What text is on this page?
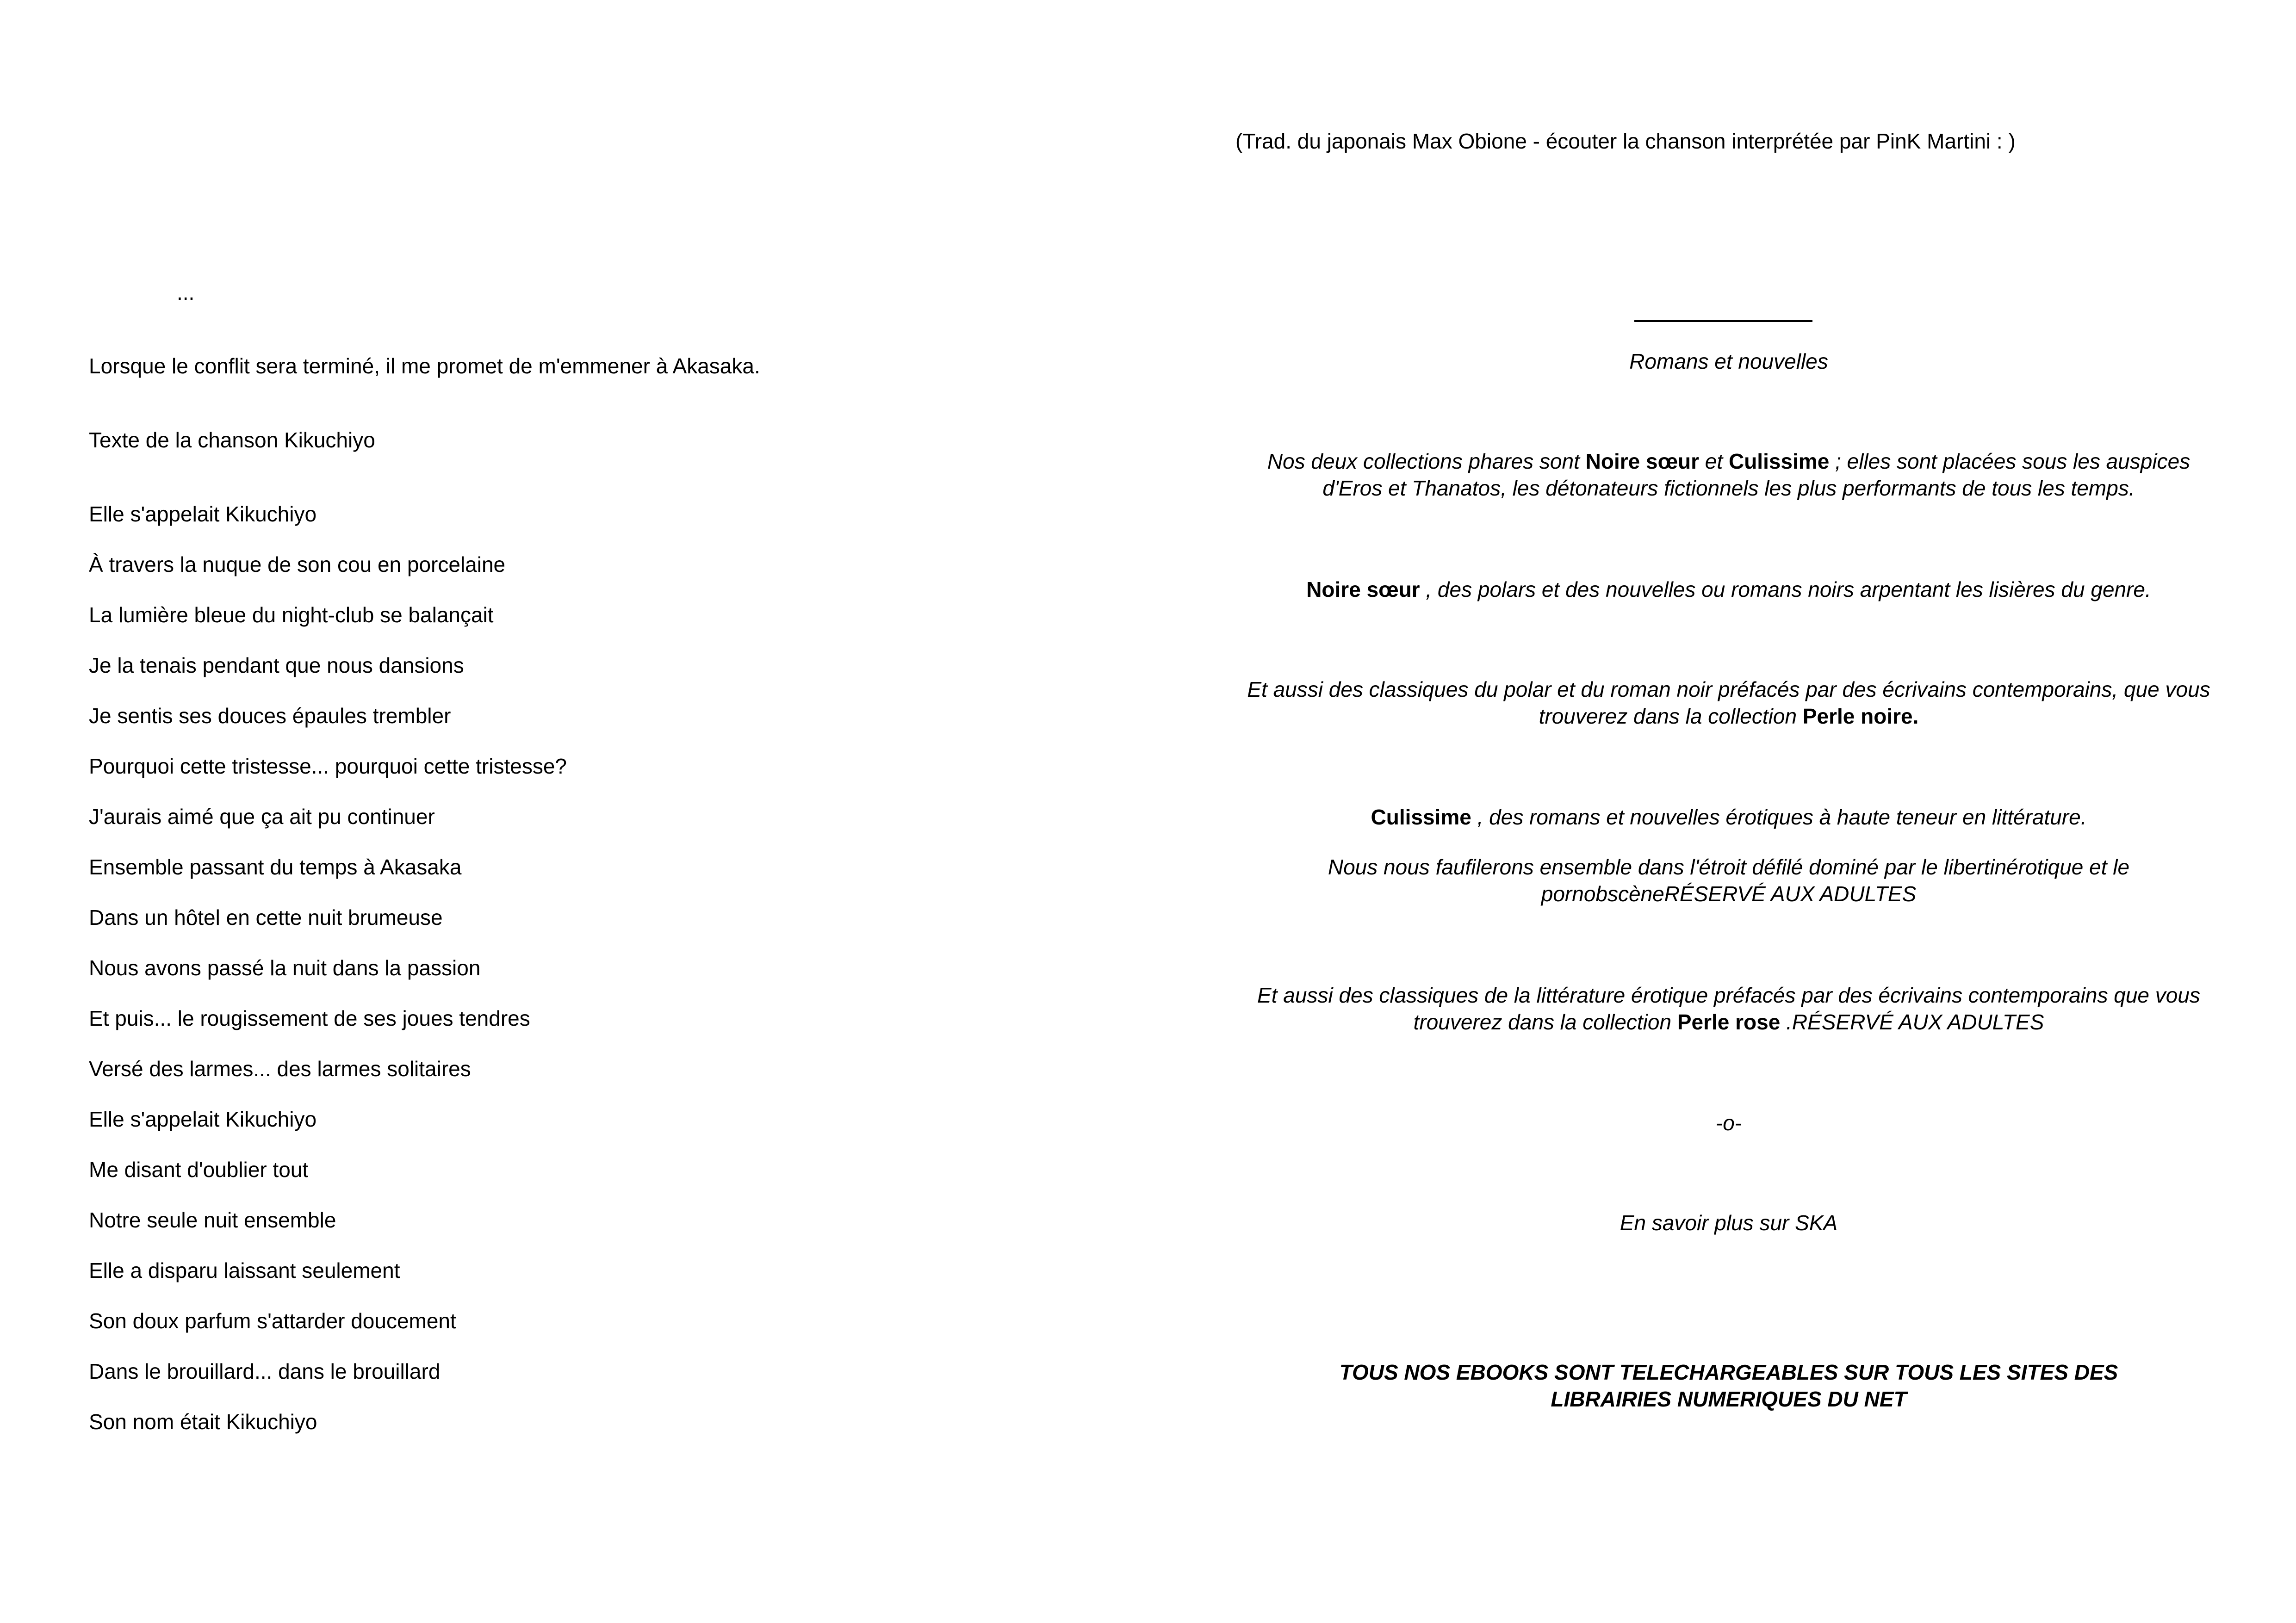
...
Lorsque le conflit sera terminé, il me promet de m'emmener à Akasaka.
Texte de la chanson Kikuchiyo
Elle s'appelait Kikuchiyo
À travers la nuque de son cou en porcelaine
La lumière bleue du night-club se balançait
Je la tenais pendant que nous dansions
Je sentis ses douces épaules trembler
Pourquoi cette tristesse... pourquoi cette tristesse?
J'aurais aimé que ça ait pu continuer
Ensemble passant du temps à Akasaka
Dans un hôtel en cette nuit brumeuse
Nous avons passé la nuit dans la passion
Et puis... le rougissement de ses joues tendres
Versé des larmes... des larmes solitaires
Elle s'appelait Kikuchiyo
Me disant d'oublier tout
Notre seule nuit ensemble
Elle a disparu laissant seulement
Son doux parfum s'attarder doucement
Dans le brouillard... dans le brouillard
Son nom était Kikuchiyo
(Trad. du japonais Max Obione - écouter la chanson interprétée par PinK Martini : )
Romans et nouvelles
Nos deux collections phares sont Noire sœur et Culissime ; elles sont placées sous les auspices d'Eros et Thanatos, les détonateurs fictionnels les plus performants de tous les temps.
Noire sœur , des polars et des nouvelles ou romans noirs arpentant les lisières du genre.
Et aussi des classiques du polar et du roman noir préfacés par des écrivains contemporains, que vous trouverez dans la collection Perle noire.
Culissime , des romans et nouvelles érotiques à haute teneur en littérature.
Nous nous faufilerons ensemble dans l'étroit défilé dominé par le libertinérotique et le pornobscèneRÉSERVÉ AUX ADULTES
Et aussi des classiques de la littérature érotique préfacés par des écrivains contemporains que vous trouverez dans la collection Perle rose .RÉSERVÉ AUX ADULTES
-o-
En savoir plus sur SKA
TOUS NOS EBOOKS SONT TELECHARGEABLES SUR TOUS LES SITES DES LIBRAIRIES NUMERIQUES DU NET
